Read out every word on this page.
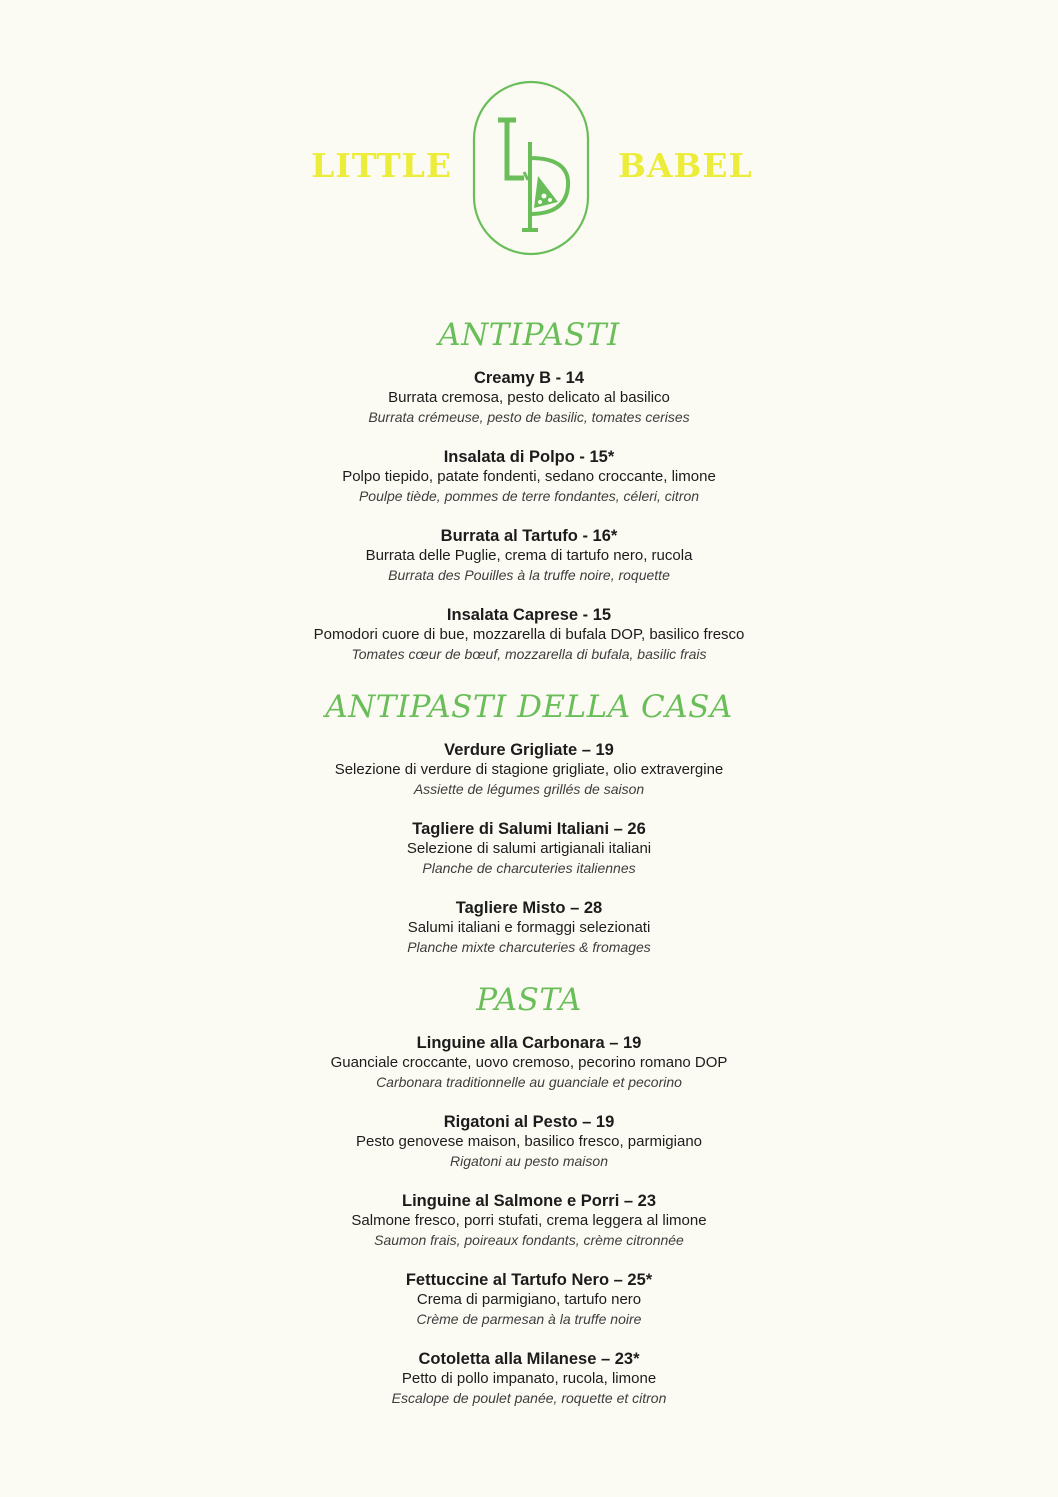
LITTLE	BABEL
ANTIPASTI
Creamy B - 14
Burrata cremosa, pesto delicato al basilico
Burrata crémeuse, pesto de basilic, tomates cerises
Insalata di Polpo - 15*
Polpo tiepido, patate fondenti, sedano croccante, limone
Poulpe tiède, pommes de terre fondantes, céleri, citron
Burrata al Tartufo - 16*
Burrata delle Puglie, crema di tartufo nero, rucola
Burrata des Pouilles à la truffe noire, roquette
Insalata Caprese - 15
Pomodori cuore di bue, mozzarella di bufala DOP, basilico fresco
Tomates cœur de bœuf, mozzarella di bufala, basilic frais
ANTIPASTI DELLA CASA
Verdure Grigliate – 19
Selezione di verdure di stagione grigliate, olio extravergine
Assiette de légumes grillés de saison
Tagliere di Salumi Italiani – 26
Selezione di salumi artigianali italiani
Planche de charcuteries italiennes
Tagliere Misto – 28
Salumi italiani e formaggi selezionati
Planche mixte charcuteries & fromages
PASTA
Linguine alla Carbonara – 19
Guanciale croccante, uovo cremoso, pecorino romano DOP
Carbonara traditionnelle au guanciale et pecorino
Rigatoni al Pesto – 19
Pesto genovese maison, basilico fresco, parmigiano
Rigatoni au pesto maison
Linguine al Salmone e Porri – 23
Salmone fresco, porri stufati, crema leggera al limone
Saumon frais, poireaux fondants, crème citronnée
Fettuccine al Tartufo Nero – 25*
Crema di parmigiano, tartufo nero
Crème de parmesan à la truffe noire
Cotoletta alla Milanese – 23*
Petto di pollo impanato, rucola, limone
Escalope de poulet panée, roquette et citron
